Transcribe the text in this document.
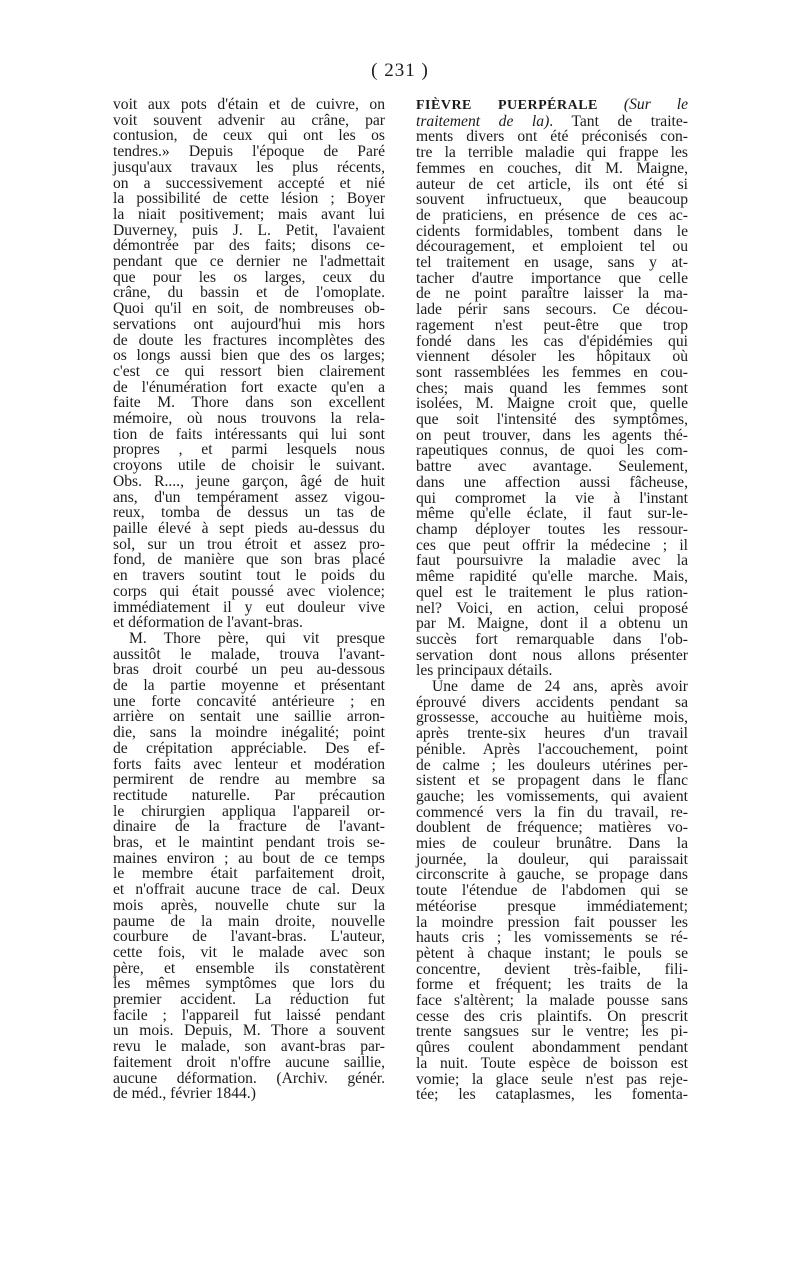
( 231 )
voit aux pots d'étain et de cuivre, on
voit souvent advenir au crâne, par
contusion, de ceux qui ont les os
tendres.» Depuis l'époque de Paré
jusqu'aux travaux les plus récents,
on a successivement accepté et nié
la possibilité de cette lésion ; Boyer
la niait positivement; mais avant lui
Duverney, puis J. L. Petit, l'avaient
démontrée par des faits; disons ce-
pendant que ce dernier ne l'admettait
que pour les os larges, ceux du
crâne, du bassin et de l'omoplate.
Quoi qu'il en soit, de nombreuses ob-
servations ont aujourd'hui mis hors
de doute les fractures incomplètes des
os longs aussi bien que des os larges;
c'est ce qui ressort bien clairement
de l'énumération fort exacte qu'en a
faite M. Thore dans son excellent
mémoire, où nous trouvons la rela-
tion de faits intéressants qui lui sont
propres , et parmi lesquels nous
croyons utile de choisir le suivant.
Obs. R...., jeune garçon, âgé de huit
ans, d'un tempérament assez vigou-
reux, tomba de dessus un tas de
paille élevé à sept pieds au-dessus du
sol, sur un trou étroit et assez pro-
fond, de manière que son bras placé
en travers soutint tout le poids du
corps qui était poussé avec violence;
immédiatement il y eut douleur vive
et déformation de l'avant-bras.
M. Thore père, qui vit presque
aussitôt le malade, trouva l'avant-
bras droit courbé un peu au-dessous
de la partie moyenne et présentant
une forte concavité antérieure ; en
arrière on sentait une saillie arron-
die, sans la moindre inégalité; point
de crépitation appréciable. Des ef-
forts faits avec lenteur et modération
permirent de rendre au membre sa
rectitude naturelle. Par précaution
le chirurgien appliqua l'appareil or-
dinaire de la fracture de l'avant-
bras, et le maintint pendant trois se-
maines environ ; au bout de ce temps
le membre était parfaitement droit,
et n'offrait aucune trace de cal. Deux
mois après, nouvelle chute sur la
paume de la main droite, nouvelle
courbure de l'avant-bras. L'auteur,
cette fois, vit le malade avec son
père, et ensemble ils constatèrent
les mêmes symptômes que lors du
premier accident. La réduction fut
facile ; l'appareil fut laissé pendant
un mois. Depuis, M. Thore a souvent
revu le malade, son avant-bras par-
faitement droit n'offre aucune saillie,
aucune déformation. (Archiv. génér.
de méd., février 1844.)
FIÈVRE PUERPÉRALE (Sur le
traitement de la). Tant de traite-
ments divers ont été préconisés con-
tre la terrible maladie qui frappe les
femmes en couches, dit M. Maigne,
auteur de cet article, ils ont été si
souvent infructueux, que beaucoup
de praticiens, en présence de ces ac-
cidents formidables, tombent dans le
découragement, et emploient tel ou
tel traitement en usage, sans y at-
tacher d'autre importance que celle
de ne point paraître laisser la ma-
lade périr sans secours. Ce décou-
ragement n'est peut-être que trop
fondé dans les cas d'épidémies qui
viennent désoler les hôpitaux où
sont rassemblées les femmes en cou-
ches; mais quand les femmes sont
isolées, M. Maigne croit que, quelle
que soit l'intensité des symptômes,
on peut trouver, dans les agents thé-
rapeutiques connus, de quoi les com-
battre avec avantage. Seulement,
dans une affection aussi fâcheuse,
qui compromet la vie à l'instant
même qu'elle éclate, il faut sur-le-
champ déployer toutes les ressour-
ces que peut offrir la médecine ; il
faut poursuivre la maladie avec la
même rapidité qu'elle marche. Mais,
quel est le traitement le plus ration-
nel? Voici, en action, celui proposé
par M. Maigne, dont il a obtenu un
succès fort remarquable dans l'ob-
servation dont nous allons présenter
les principaux détails.
Une dame de 24 ans, après avoir
éprouvé divers accidents pendant sa
grossesse, accouche au huitième mois,
après trente-six heures d'un travail
pénible. Après l'accouchement, point
de calme ; les douleurs utérines per-
sistent et se propagent dans le flanc
gauche; les vomissements, qui avaient
commencé vers la fin du travail, re-
doublent de fréquence; matières vo-
mies de couleur brunâtre. Dans la
journée, la douleur, qui paraissait
circonscrite à gauche, se propage dans
toute l'étendue de l'abdomen qui se
météorise presque immédiatement;
la moindre pression fait pousser les
hauts cris ; les vomissements se ré-
pètent à chaque instant; le pouls se
concentre, devient très-faible, fili-
forme et fréquent; les traits de la
face s'altèrent; la malade pousse sans
cesse des cris plaintifs. On prescrit
trente sangsues sur le ventre; les pi-
qûres coulent abondamment pendant
la nuit. Toute espèce de boisson est
vomie; la glace seule n'est pas reje-
tée; les cataplasmes, les fomenta-
